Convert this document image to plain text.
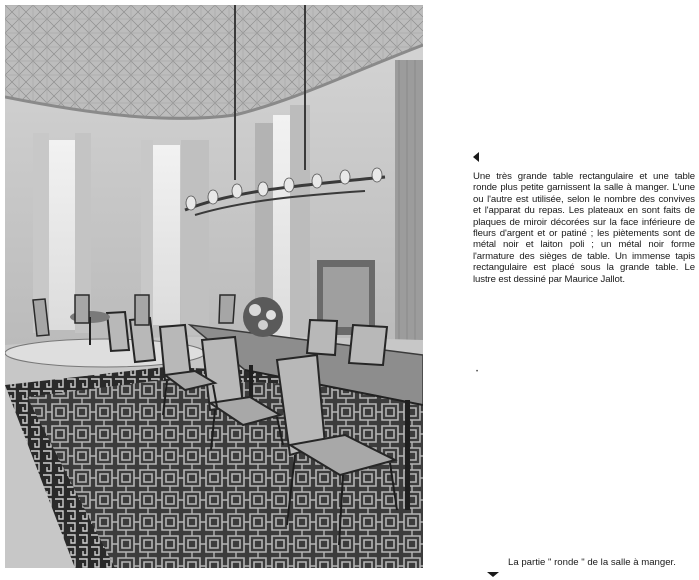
Une très grande table rectangulaire et une table ronde plus petite garnissent la salle à manger. L'une ou l'autre est utilisée, selon le nombre des convives et l'apparat du repas. Les plateaux en sont faits de plaques de miroir décorées sur la face inférieure de fleurs d'argent et or patiné ; les piètements sont de métal noir et laiton poli ; un métal noir forme l'armature des sièges de table. Un immense tapis rectangulaire est placé sous la grande table. Le lustre est dessiné par Maurice Jallot.
•
La partie " ronde " de la salle à manger.
